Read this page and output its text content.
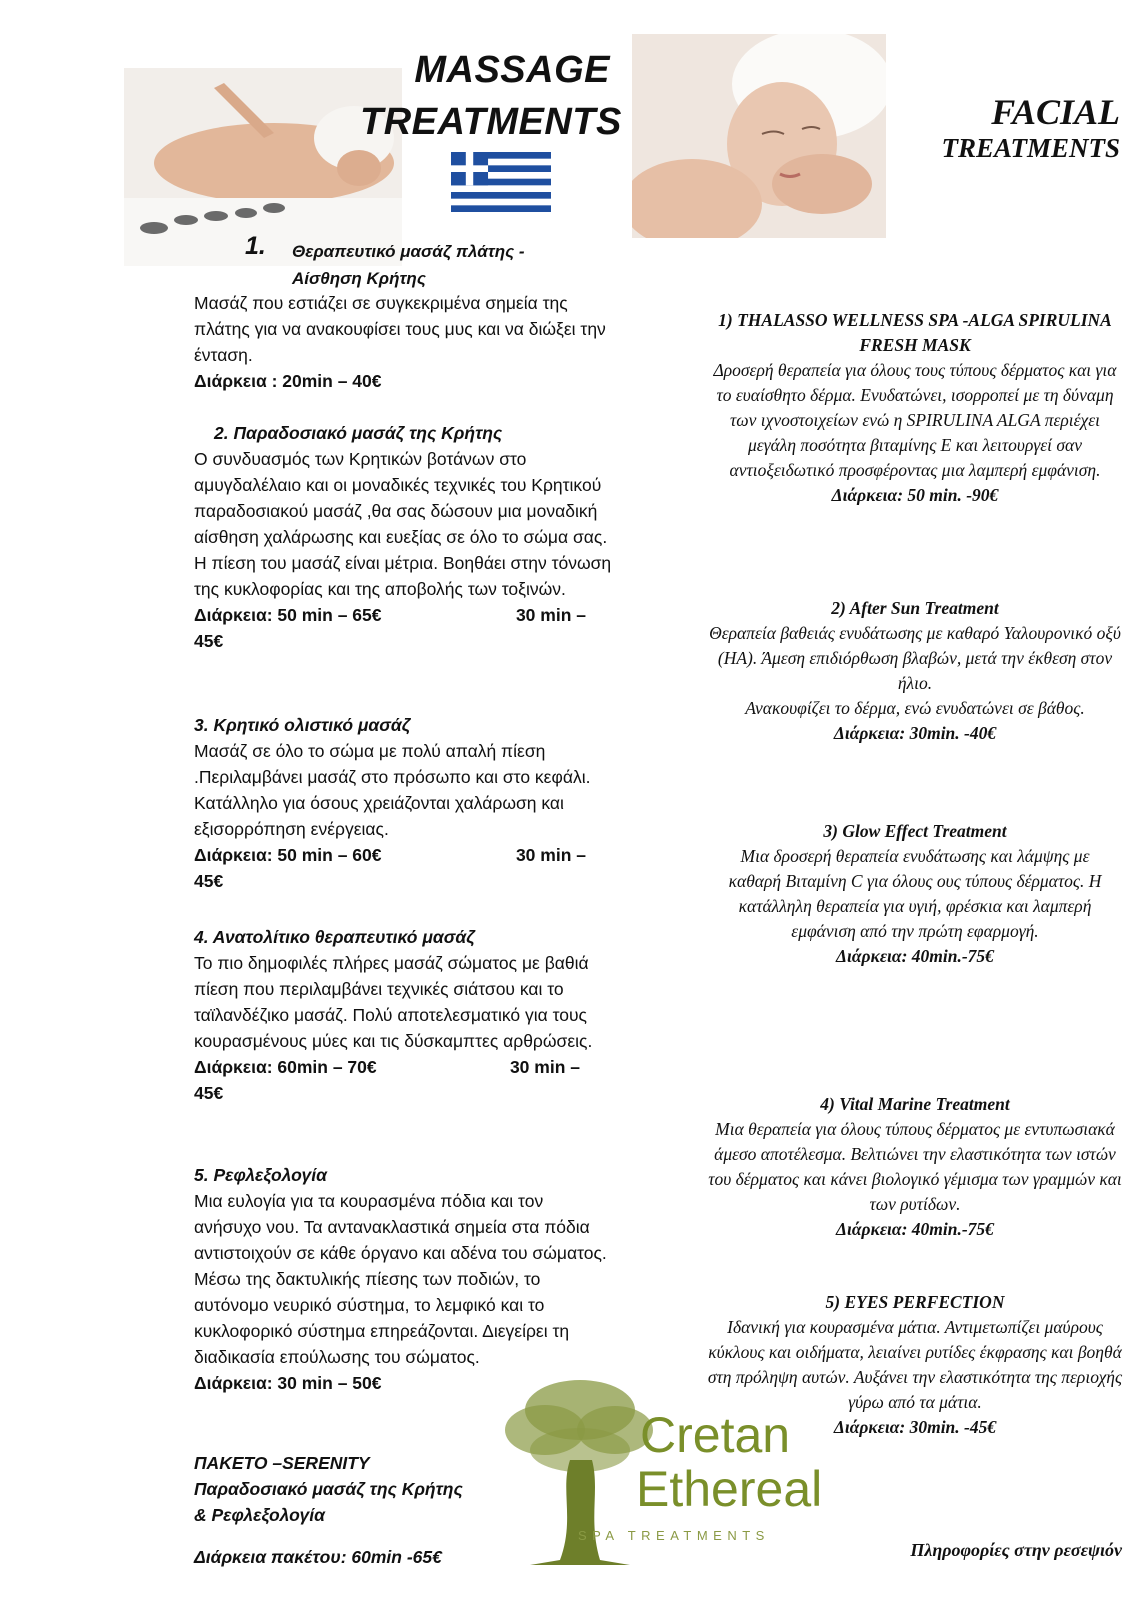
MASSAGE
TREATMENTS	FACIAL
TREATMENTS
1. Θεραπευτικό μασάζ πλάτης - Αίσθηση Κρήτης
Μασάζ που εστιάζει σε συγκεκριμένα σημεία της πλάτης για να ανακουφίσει τους μυς και να διώξει την ένταση.
Διάρκεια : 20min – 40€
2. Παραδοσιακό μασάζ της Κρήτης
Ο συνδυασμός των Κρητικών βοτάνων στο αμυγδαλέλαιο και οι μοναδικές τεχνικές του Κρητικού παραδοσιακού μασάζ ,θα σας δώσουν μια μοναδική αίσθηση χαλάρωσης και ευεξίας σε όλο το σώμα σας. Η πίεση του μασάζ είναι μέτρια. Βοηθάει στην τόνωση της κυκλοφορίας και της αποβολής των τοξινών.
Διάρκεια: 50 min – 65€	30 min –
45€
3. Κρητικό ολιστικό μασάζ
Μασάζ σε όλο το σώμα με πολύ απαλή πίεση .Περιλαμβάνει μασάζ στο πρόσωπο και στο κεφάλι. Κατάλληλο για όσους χρειάζονται χαλάρωση και εξισορρόπηση ενέργειας.
Διάρκεια: 50 min – 60€	30 min –
45€
4. Ανατολίτικο θεραπευτικό μασάζ
Το πιο δημοφιλές πλήρες μασάζ σώματος με βαθιά πίεση που περιλαμβάνει τεχνικές σιάτσου και το ταϊλανδέζικο μασάζ. Πολύ αποτελεσματικό για τους κουρασμένους μύες και τις δύσκαμπτες αρθρώσεις.
Διάρκεια: 60min – 70€	30 min –
45€
5. Ρεφλεξολογία
Μια ευλογία για τα κουρασμένα πόδια και τον ανήσυχο νου. Τα αντανακλαστικά σημεία στα πόδια αντιστοιχούν σε κάθε όργανο και αδένα του σώματος. Μέσω της δακτυλικής πίεσης των ποδιών, το αυτόνομο νευρικό σύστημα, το λεμφικό και το κυκλοφορικό σύστημα επηρεάζονται. Διεγείρει τη διαδικασία επούλωσης του σώματος.
Διάρκεια: 30 min – 50€
ΠΑΚΕΤΟ –SERENITY
Παραδοσιακό μασάζ της Κρήτης
& Ρεφλεξολογία
Διάρκεια πακέτου: 60min -65€
1) THALASSO WELLNESS SPA -ALGA SPIRULINA FRESH MASK
Δροσερή θεραπεία για όλους τους τύπους δέρματος και για το ευαίσθητο δέρμα. Ενυδατώνει, ισορροπεί με τη δύναμη των ιχνοστοιχείων ενώ η SPIRULINA ALGA περιέχει μεγάλη ποσότητα βιταμίνης Ε και λειτουργεί σαν αντιοξειδωτικό προσφέροντας μια λαμπερή εμφάνιση.
Διάρκεια: 50 min. -90€
2) After Sun Treatment
Θεραπεία βαθειάς ενυδάτωσης με καθαρό Υαλουρονικό οξύ (ΗΑ). Άμεση επιδιόρθωση βλαβών, μετά την έκθεση στον ήλιο.
Ανακουφίζει το δέρμα, ενώ ενυδατώνει σε βάθος.
Διάρκεια: 30min. -40€
3) Glow Effect Treatment
Μια δροσερή θεραπεία ενυδάτωσης και λάμψης με
καθαρή Βιταμίνη C για όλους ους τύπους δέρματος. Η
κατάλληλη θεραπεία για υγιή, φρέσκια και λαμπερή
εμφάνιση από την πρώτη εφαρμογή.
Διάρκεια: 40min.-75€
4) Vital Marine Treatment
Μια θεραπεία για όλους τύπους δέρματος με εντυπωσιακά άμεσο αποτέλεσμα. Βελτιώνει την ελαστικότητα των ιστών του δέρματος και κάνει βιολογικό γέμισμα των γραμμών και των ρυτίδων.
Διάρκεια: 40min.-75€
5) EYES PERFECTION
Ιδανική για κουρασμένα μάτια. Αντιμετωπίζει μαύρους κύκλους και οιδήματα, λειαίνει ρυτίδες έκφρασης και βοηθά στη πρόληψη αυτών. Αυξάνει την ελαστικότητα της περιοχής γύρω από τα μάτια.
Διάρκεια: 30min. -45€
Πληροφορίες στην ρεσεψιόν
Cretan
Ethereal
SPA TREATMENTS
